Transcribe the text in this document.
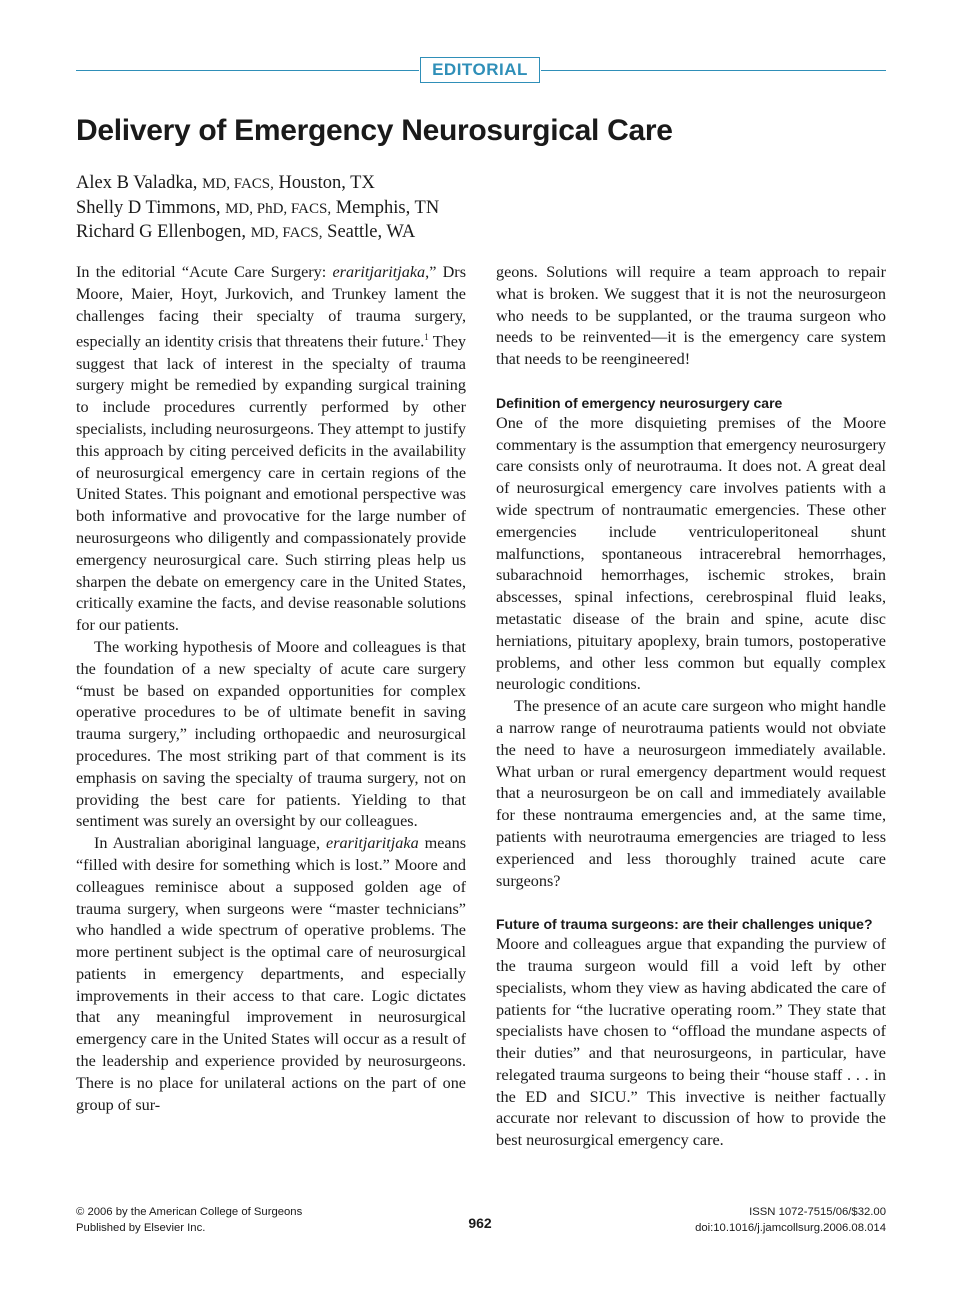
EDITORIAL
Delivery of Emergency Neurosurgical Care
Alex B Valadka, MD, FACS, Houston, TX
Shelly D Timmons, MD, PhD, FACS, Memphis, TN
Richard G Ellenbogen, MD, FACS, Seattle, WA

In the editorial “Acute Care Surgery: eraritjaritjaka,” Drs Moore, Maier, Hoyt, Jurkovich, and Trunkey lament the challenges facing their specialty of trauma surgery, especially an identity crisis that threatens their future.$^1$ They suggest that lack of interest in the specialty of trauma surgery might be remedied by expanding surgical training to include procedures currently performed by other specialists, including neurosurgeons. They attempt to justify this approach by citing perceived deficits in the availability of neurosurgical emergency care in certain regions of the United States. This poignant and emotional perspective was both informative and provocative for the large number of neurosurgeons who diligently and compassionately provide emergency neurosurgical care. Such stirring pleas help us sharpen the debate on emergency care in the United States, critically examine the facts, and devise reasonable solutions for our patients.

The working hypothesis of Moore and colleagues is that the foundation of a new specialty of acute care surgery “must be based on expanded opportunities for complex operative procedures to be of ultimate benefit in saving trauma surgery,” including orthopaedic and neurosurgical procedures. The most striking part of that comment is its emphasis on saving the specialty of trauma surgery, not on providing the best care for patients. Yielding to that sentiment was surely an oversight by our colleagues.

In Australian aboriginal language, eraritjaritjaka means “filled with desire for something which is lost.” Moore and colleagues reminisce about a supposed golden age of trauma surgery, when surgeons were “master technicians” who handled a wide spectrum of operative problems. The more pertinent subject is the optimal care of neurosurgical patients in emergency departments, and especially improvements in their access to that care. Logic dictates that any meaningful improvement in neurosurgical emergency care in the United States will occur as a result of the leadership and experience provided by neurosurgeons. There is no place for unilateral actions on the part of one group of sur-

geons. Solutions will require a team approach to repair what is broken. We suggest that it is not the neurosurgeon who needs to be supplanted, or the trauma surgeon who needs to be reinvented—it is the emergency care system that needs to be reengineered!

Definition of emergency neurosurgery care

One of the more disquieting premises of the Moore commentary is the assumption that emergency neurosurgery care consists only of neurotrauma. It does not. A great deal of neurosurgical emergency care involves patients with a wide spectrum of nontraumatic emergencies. These other emergencies include ventriculoperitoneal shunt malfunctions, spontaneous intracerebral hemorrhages, subarachnoid hemorrhages, ischemic strokes, brain abscesses, spinal infections, cerebrospinal fluid leaks, metastatic disease of the brain and spine, acute disc herniations, pituitary apoplexy, brain tumors, postoperative problems, and other less common but equally complex neurologic conditions.

The presence of an acute care surgeon who might handle a narrow range of neurotrauma patients would not obviate the need to have a neurosurgeon immediately available. What urban or rural emergency department would request that a neurosurgeon be on call and immediately available for these nontrauma emergencies and, at the same time, patients with neurotrauma emergencies are triaged to less experienced and less thoroughly trained acute care surgeons?

Future of trauma surgeons: are their challenges unique?

Moore and colleagues argue that expanding the purview of the trauma surgeon would fill a void left by other specialists, whom they view as having abdicated the care of patients for “the lucrative operating room.” They state that specialists have chosen to “offload the mundane aspects of their duties” and that neurosurgeons, in particular, have relegated trauma surgeons to being their “house staff . . . in the ED and SICU.” This invective is neither factually accurate nor relevant to discussion of how to provide the best neurosurgical emergency care.

© 2006 by the American College of Surgeons
Published by Elsevier Inc.	962
ISSN 1072-7515/06/$32.00
doi:10.1016/j.jamcollsurg.2006.08.014
